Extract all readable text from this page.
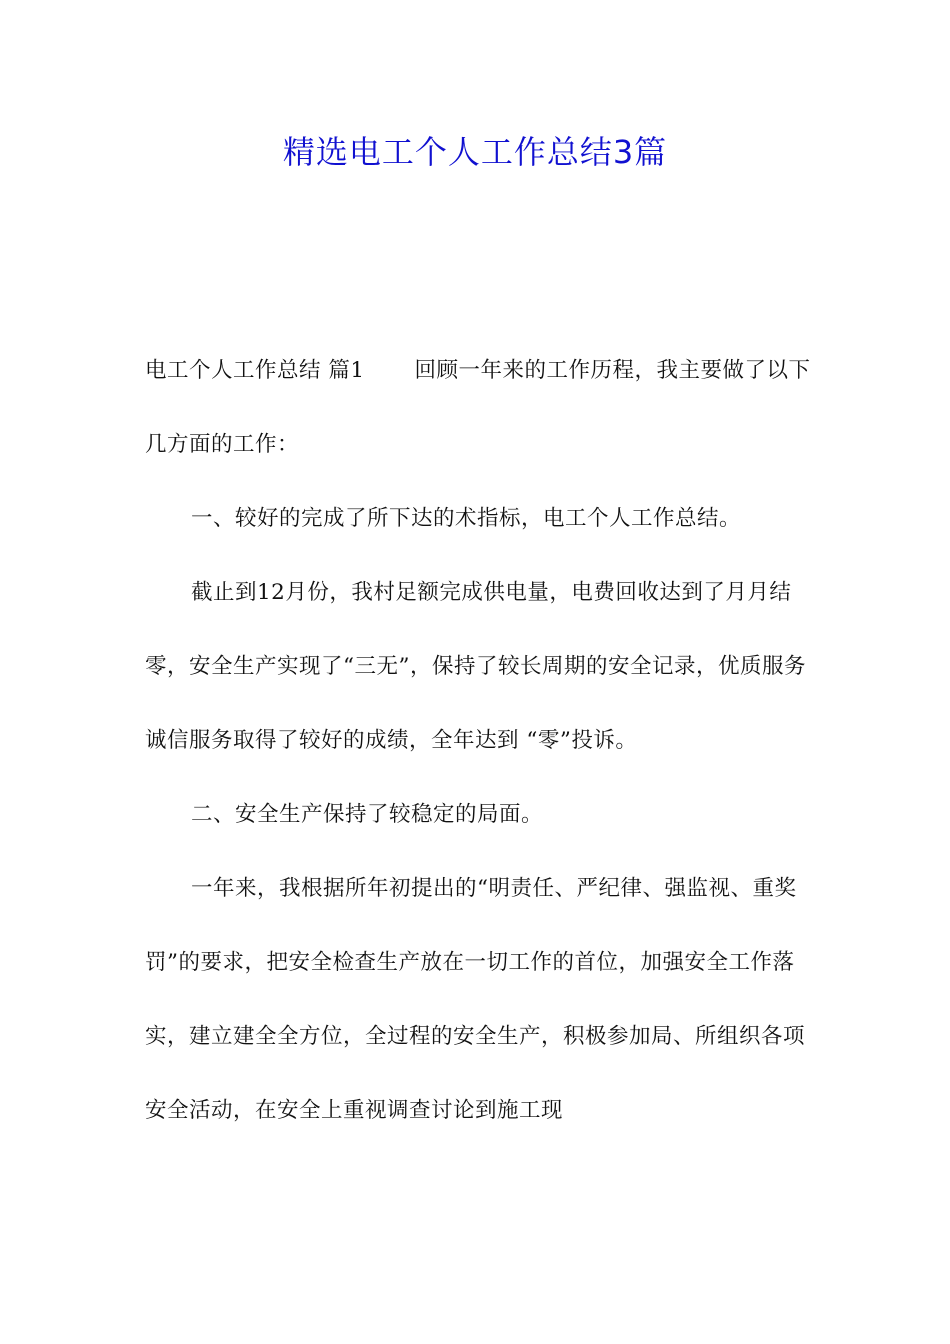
精选电工个人工作总结3篇

电工个人工作总结 篇1 回顾一年来的工作历程，我主要做了以下几方面的工作：

一、较好的完成了所下达的术指标，电工个人工作总结。

截止到12月份，我村足额完成供电量，电费回收达到了月月结零，安全生产实现了“三无”，保持了较长周期的安全记录，优质服务诚信服务取得了较好的成绩，全年达到 “零”投诉。

二、安全生产保持了较稳定的局面。

一年来，我根据所年初提出的“明责任、严纪律、强监视、重奖罚”的要求，把安全检查生产放在一切工作的首位，加强安全工作落实，建立建全全方位，全过程的安全生产，积极参加局、所组织各项安全活动，在安全上重视调查讨论到施工现
